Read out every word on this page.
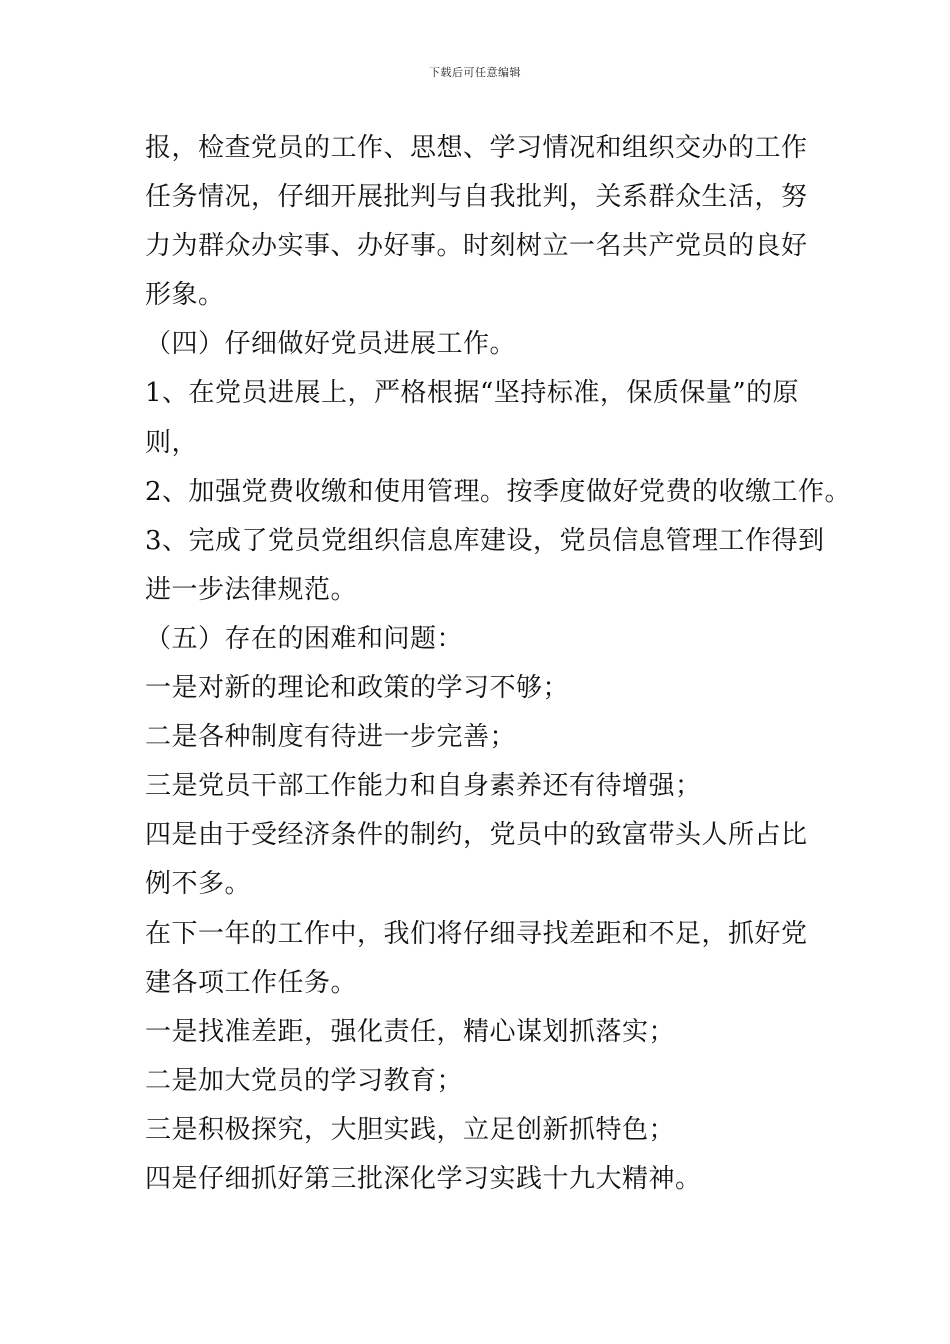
下载后可任意编辑
报，检查党员的工作、思想、学习情况和组织交办的工作
任务情况，仔细开展批判与自我批判，关系群众生活，努
力为群众办实事、办好事。时刻树立一名共产党员的良好
形象。
（四）仔细做好党员进展工作。
1、在党员进展上，严格根据“坚持标准，保质保量”的原
则，
2、加强党费收缴和使用管理。按季度做好党费的收缴工作。
3、完成了党员党组织信息库建设，党员信息管理工作得到
进一步法律规范。
（五）存在的困难和问题：
一是对新的理论和政策的学习不够；
二是各种制度有待进一步完善；
三是党员干部工作能力和自身素养还有待增强；
四是由于受经济条件的制约，党员中的致富带头人所占比
例不多。
在下一年的工作中，我们将仔细寻找差距和不足，抓好党
建各项工作任务。
一是找准差距，强化责任，精心谋划抓落实；
二是加大党员的学习教育；
三是积极探究，大胆实践，立足创新抓特色；
四是仔细抓好第三批深化学习实践十九大精神。
